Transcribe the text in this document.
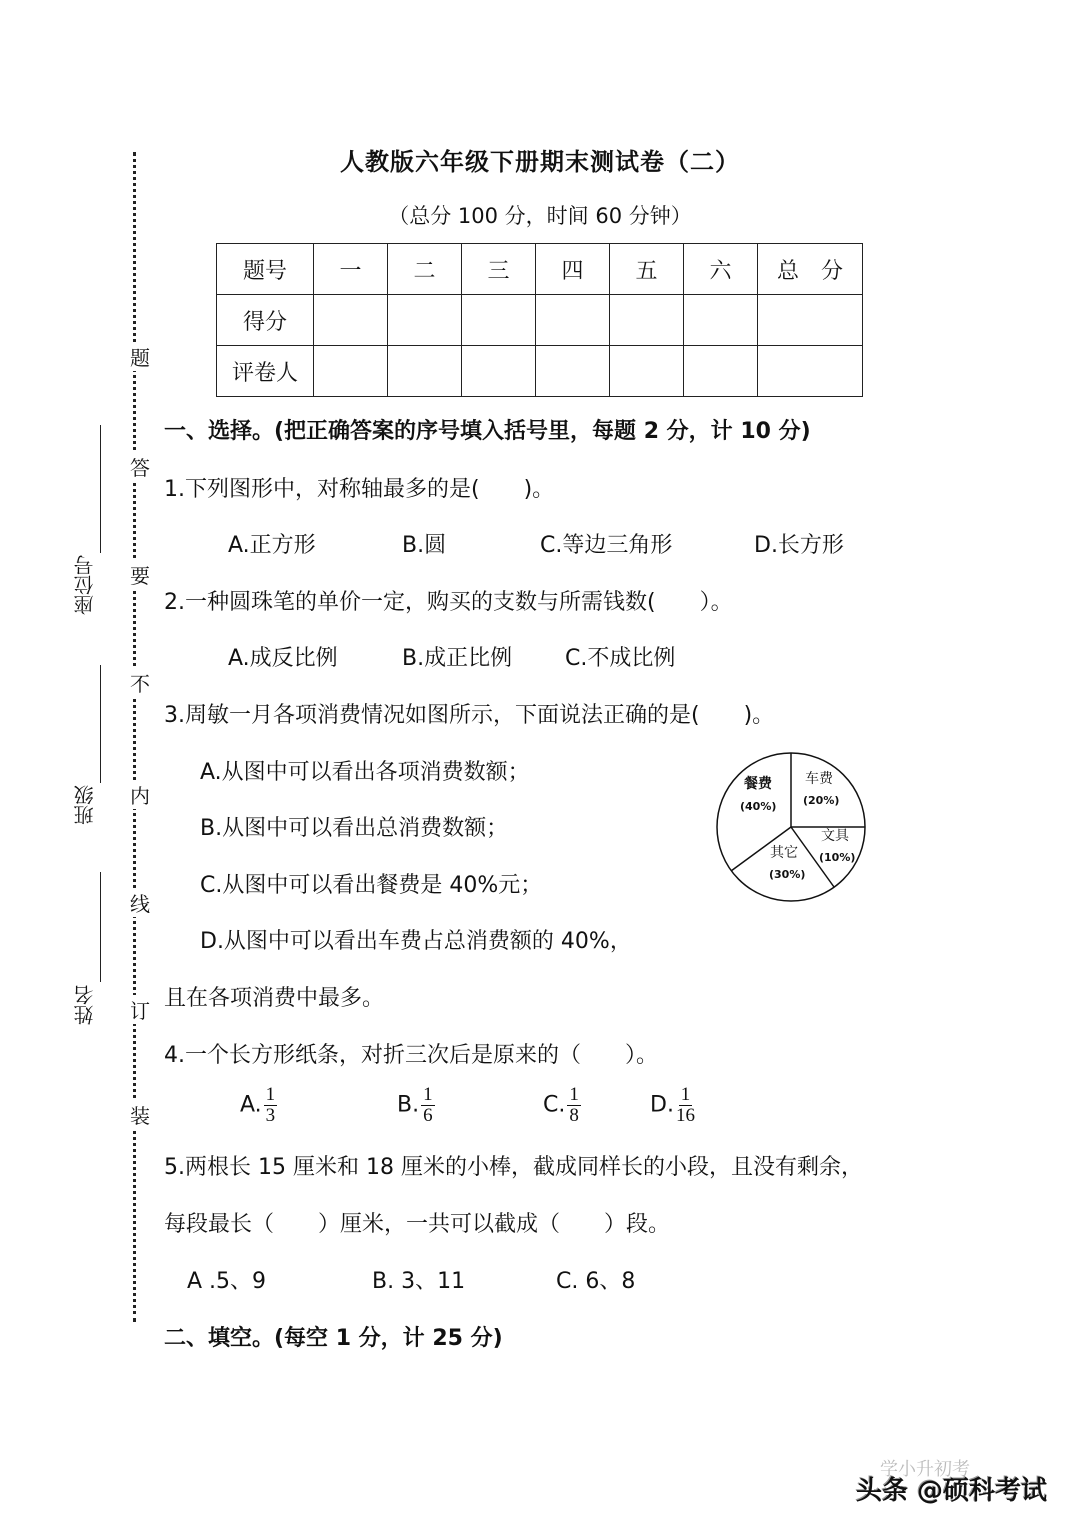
题
答
要
不
内
线
订
装
座位号
班级
姓名
人教版六年级下册期末测试卷（二）
（总分 100 分，时间 60 分钟）
题号	一	二	三	四	五	六	总　分
得分							
评卷人							
一、选择。(把正确答案的序号填入括号里，每题 2 分，计 10 分)
1.下列图形中，对称轴最多的是(　　)。
A.正方形	B.圆	C.等边三角形	D.长方形
2.一种圆珠笔的单价一定，购买的支数与所需钱数(　　）。
A.成反比例	B.成正比例 C.不成比例
3.周敏一月各项消费情况如图所示，下面说法正确的是(　　)。
A.从图中可以看出各项消费数额；
B.从图中可以看出总消费数额；
C.从图中可以看出餐费是 40%元；
D.从图中可以看出车费占总消费额的 40%，
且在各项消费中最多。
餐费
(40%)
车费
(20%)
文具
(10%)
其它
(30%)
4.一个长方形纸条，对折三次后是原来的（　　）。
A. $\frac{1}{3}$	B. $\frac{1}{6}$	C. $\frac{1}{8}$	D. $\frac{1}{16}$
5.两根长 15 厘米和 18 厘米的小棒，截成同样长的小段，且没有剩余，
每段最长（　　）厘米，一共可以截成（　　）段。
A .5、9	B. 3、11	C. 6、8
二、填空。(每空 1 分，计 25 分)
学小升初考
头条 @硕科考试
